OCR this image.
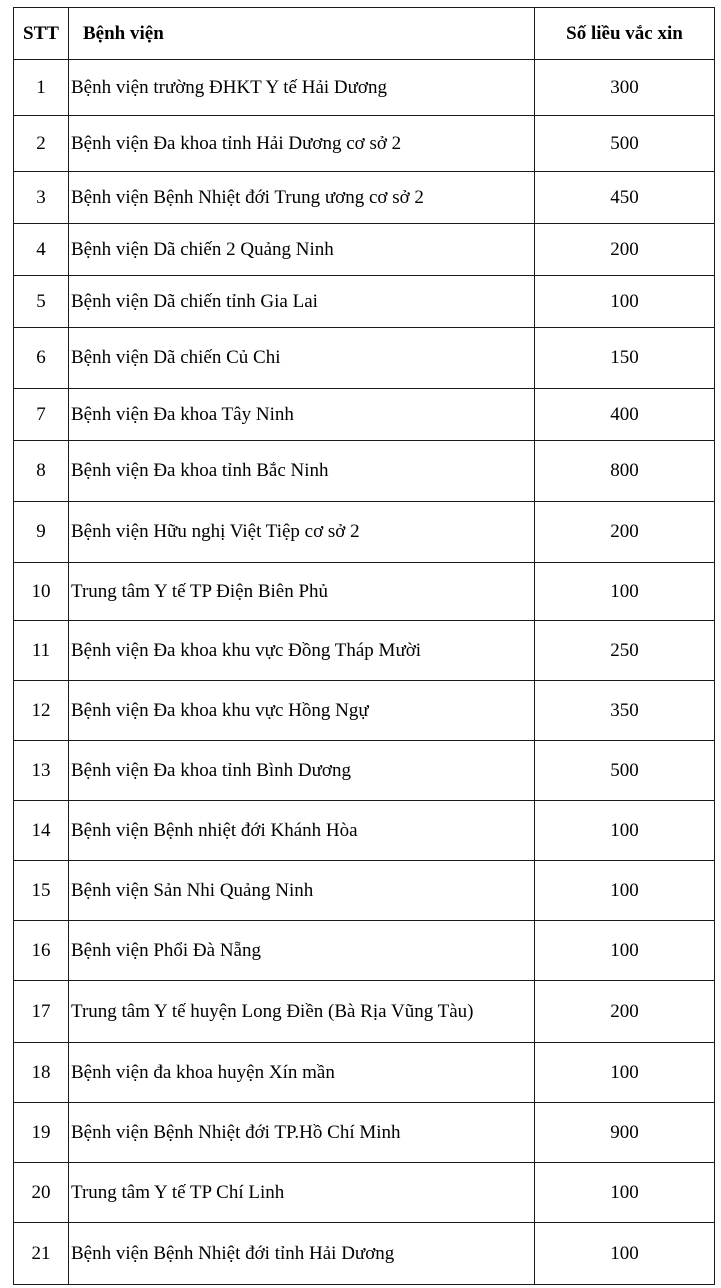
STT	Bệnh viện	Số liều vắc xin
1	Bệnh viện trường ĐHKT Y tế Hải Dương	300
2	Bệnh viện Đa khoa tỉnh Hải Dương cơ sở 2	500
3	Bệnh viện Bệnh Nhiệt đới Trung ương cơ sở 2	450
4	Bệnh viện Dã chiến 2 Quảng Ninh	200
5	Bệnh viện Dã chiến tỉnh Gia Lai	100
6	Bệnh viện Dã chiến Củ Chi	150
7	Bệnh viện Đa khoa Tây Ninh	400
8	Bệnh viện Đa khoa tỉnh Bắc Ninh	800
9	Bệnh viện Hữu nghị Việt Tiệp cơ sở 2	200
10	Trung tâm Y tế TP Điện Biên Phủ	100
11	Bệnh viện Đa khoa khu vực Đồng Tháp Mười	250
12	Bệnh viện Đa khoa khu vực Hồng Ngự	350
13	Bệnh viện Đa khoa tỉnh Bình Dương	500
14	Bệnh viện Bệnh nhiệt đới Khánh Hòa	100
15	Bệnh viện Sản Nhi Quảng Ninh	100
16	Bệnh viện Phổi Đà Nẵng	100
17	Trung tâm Y tế huyện Long Điền (Bà Rịa Vũng Tàu)	200
18	Bệnh viện đa khoa huyện Xín mần	100
19	Bệnh viện Bệnh Nhiệt đới TP.Hồ Chí Minh	900
20	Trung tâm Y tế TP Chí Linh	100
21	Bệnh viện Bệnh Nhiệt đới tỉnh Hải Dương	100
